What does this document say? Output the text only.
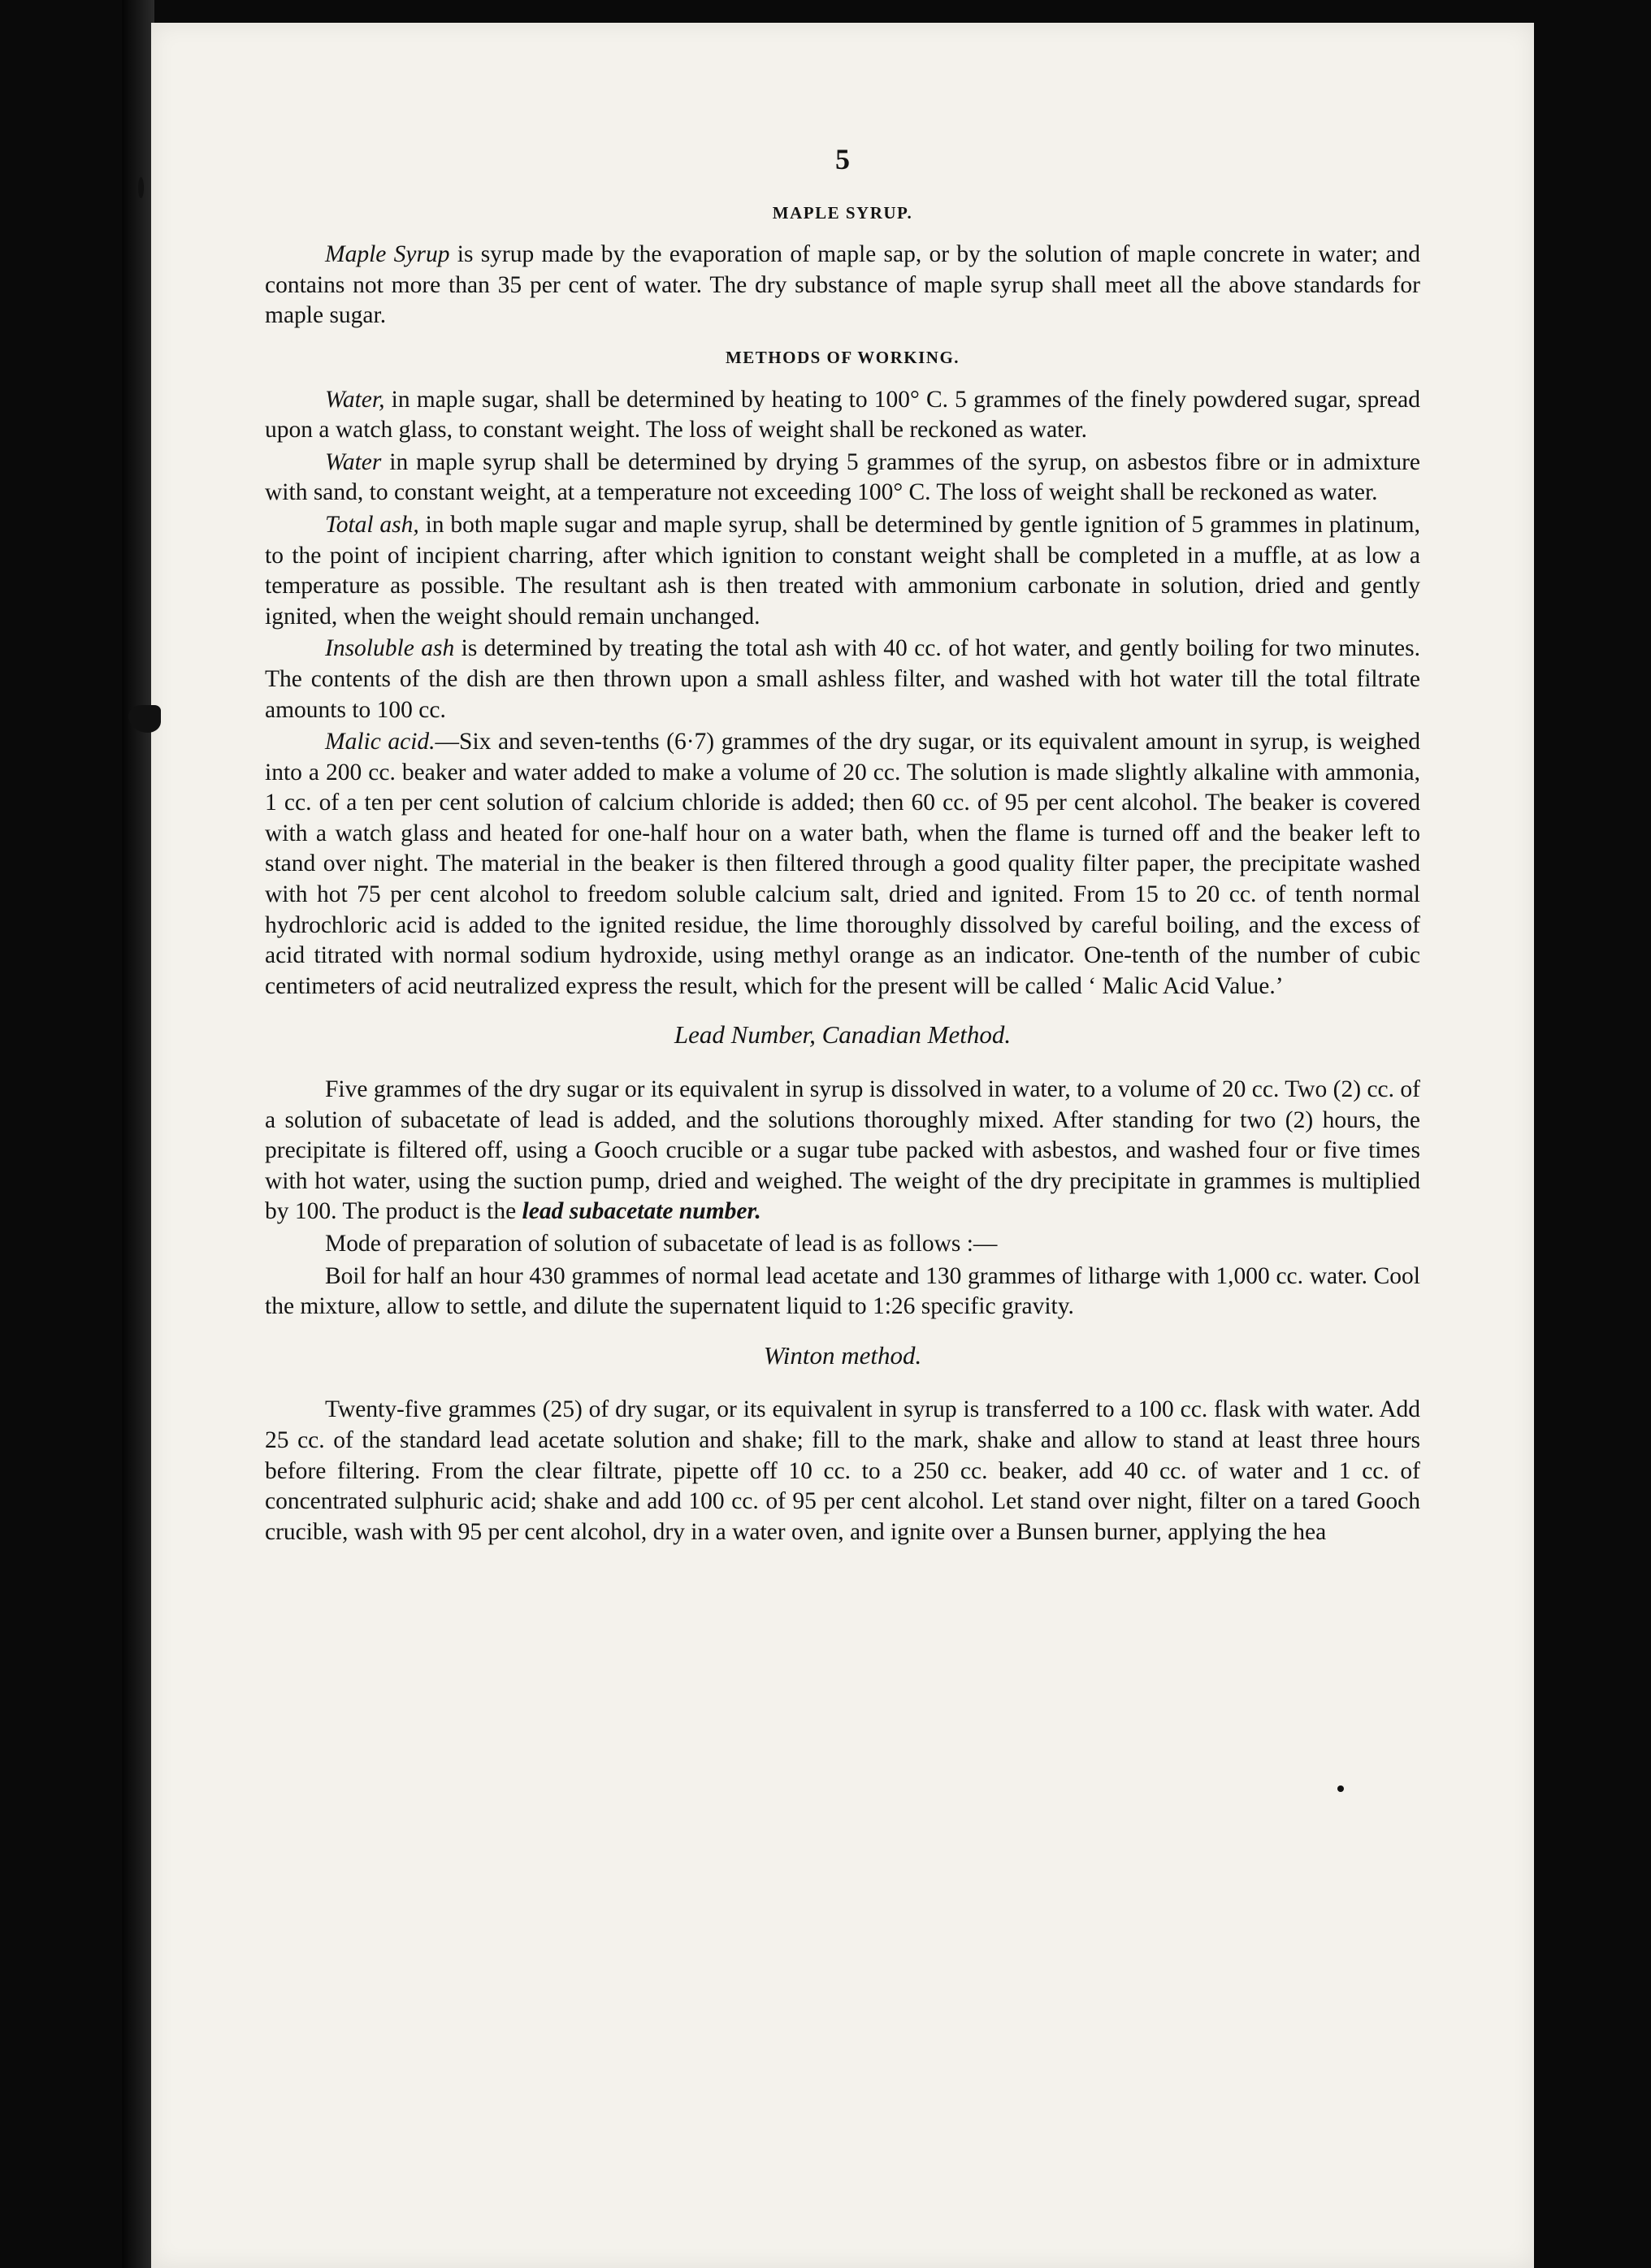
5
MAPLE SYRUP.

Maple Syrup is syrup made by the evaporation of maple sap, or by the solution of maple concrete in water; and contains not more than 35 per cent of water. The dry substance of maple syrup shall meet all the above standards for maple sugar.

METHODS OF WORKING.

Water, in maple sugar, shall be determined by heating to 100° C. 5 grammes of the finely powdered sugar, spread upon a watch glass, to constant weight. The loss of weight shall be reckoned as water.

Water in maple syrup shall be determined by drying 5 grammes of the syrup, on asbestos fibre or in admixture with sand, to constant weight, at a temperature not exceeding 100° C. The loss of weight shall be reckoned as water.

Total ash, in both maple sugar and maple syrup, shall be determined by gentle ignition of 5 grammes in platinum, to the point of incipient charring, after which ignition to constant weight shall be completed in a muffle, at as low a temperature as possible. The resultant ash is then treated with ammonium carbonate in solution, dried and gently ignited, when the weight should remain unchanged.

Insoluble ash is determined by treating the total ash with 40 cc. of hot water, and gently boiling for two minutes. The contents of the dish are then thrown upon a small ashless filter, and washed with hot water till the total filtrate amounts to 100 cc.

Malic acid.—Six and seven-tenths (6·7) grammes of the dry sugar, or its equivalent amount in syrup, is weighed into a 200 cc. beaker and water added to make a volume of 20 cc. The solution is made slightly alkaline with ammonia, 1 cc. of a ten per cent solution of calcium chloride is added; then 60 cc. of 95 per cent alcohol. The beaker is covered with a watch glass and heated for one-half hour on a water bath, when the flame is turned off and the beaker left to stand over night. The material in the beaker is then filtered through a good quality filter paper, the precipitate washed with hot 75 per cent alcohol to freedom soluble calcium salt, dried and ignited. From 15 to 20 cc. of tenth normal hydrochloric acid is added to the ignited residue, the lime thoroughly dissolved by careful boiling, and the excess of acid titrated with normal sodium hydroxide, using methyl orange as an indicator. One-tenth of the number of cubic centimeters of acid neutralized express the result, which for the present will be called ‘ Malic Acid Value.’

Lead Number, Canadian Method.

Five grammes of the dry sugar or its equivalent in syrup is dissolved in water, to a volume of 20 cc. Two (2) cc. of a solution of subacetate of lead is added, and the solutions thoroughly mixed. After standing for two (2) hours, the precipitate is filtered off, using a Gooch crucible or a sugar tube packed with asbestos, and washed four or five times with hot water, using the suction pump, dried and weighed. The weight of the dry precipitate in grammes is multiplied by 100. The product is the lead subacetate number.

Mode of preparation of solution of subacetate of lead is as follows :—

Boil for half an hour 430 grammes of normal lead acetate and 130 grammes of litharge with 1,000 cc. water. Cool the mixture, allow to settle, and dilute the supernatent liquid to 1:26 specific gravity.

Winton method.

Twenty-five grammes (25) of dry sugar, or its equivalent in syrup is transferred to a 100 cc. flask with water. Add 25 cc. of the standard lead acetate solution and shake; fill to the mark, shake and allow to stand at least three hours before filtering. From the clear filtrate, pipette off 10 cc. to a 250 cc. beaker, add 40 cc. of water and 1 cc. of concentrated sulphuric acid; shake and add 100 cc. of 95 per cent alcohol. Let stand over night, filter on a tared Gooch crucible, wash with 95 per cent alcohol, dry in a water oven, and ignite over a Bunsen burner, applying the hea
